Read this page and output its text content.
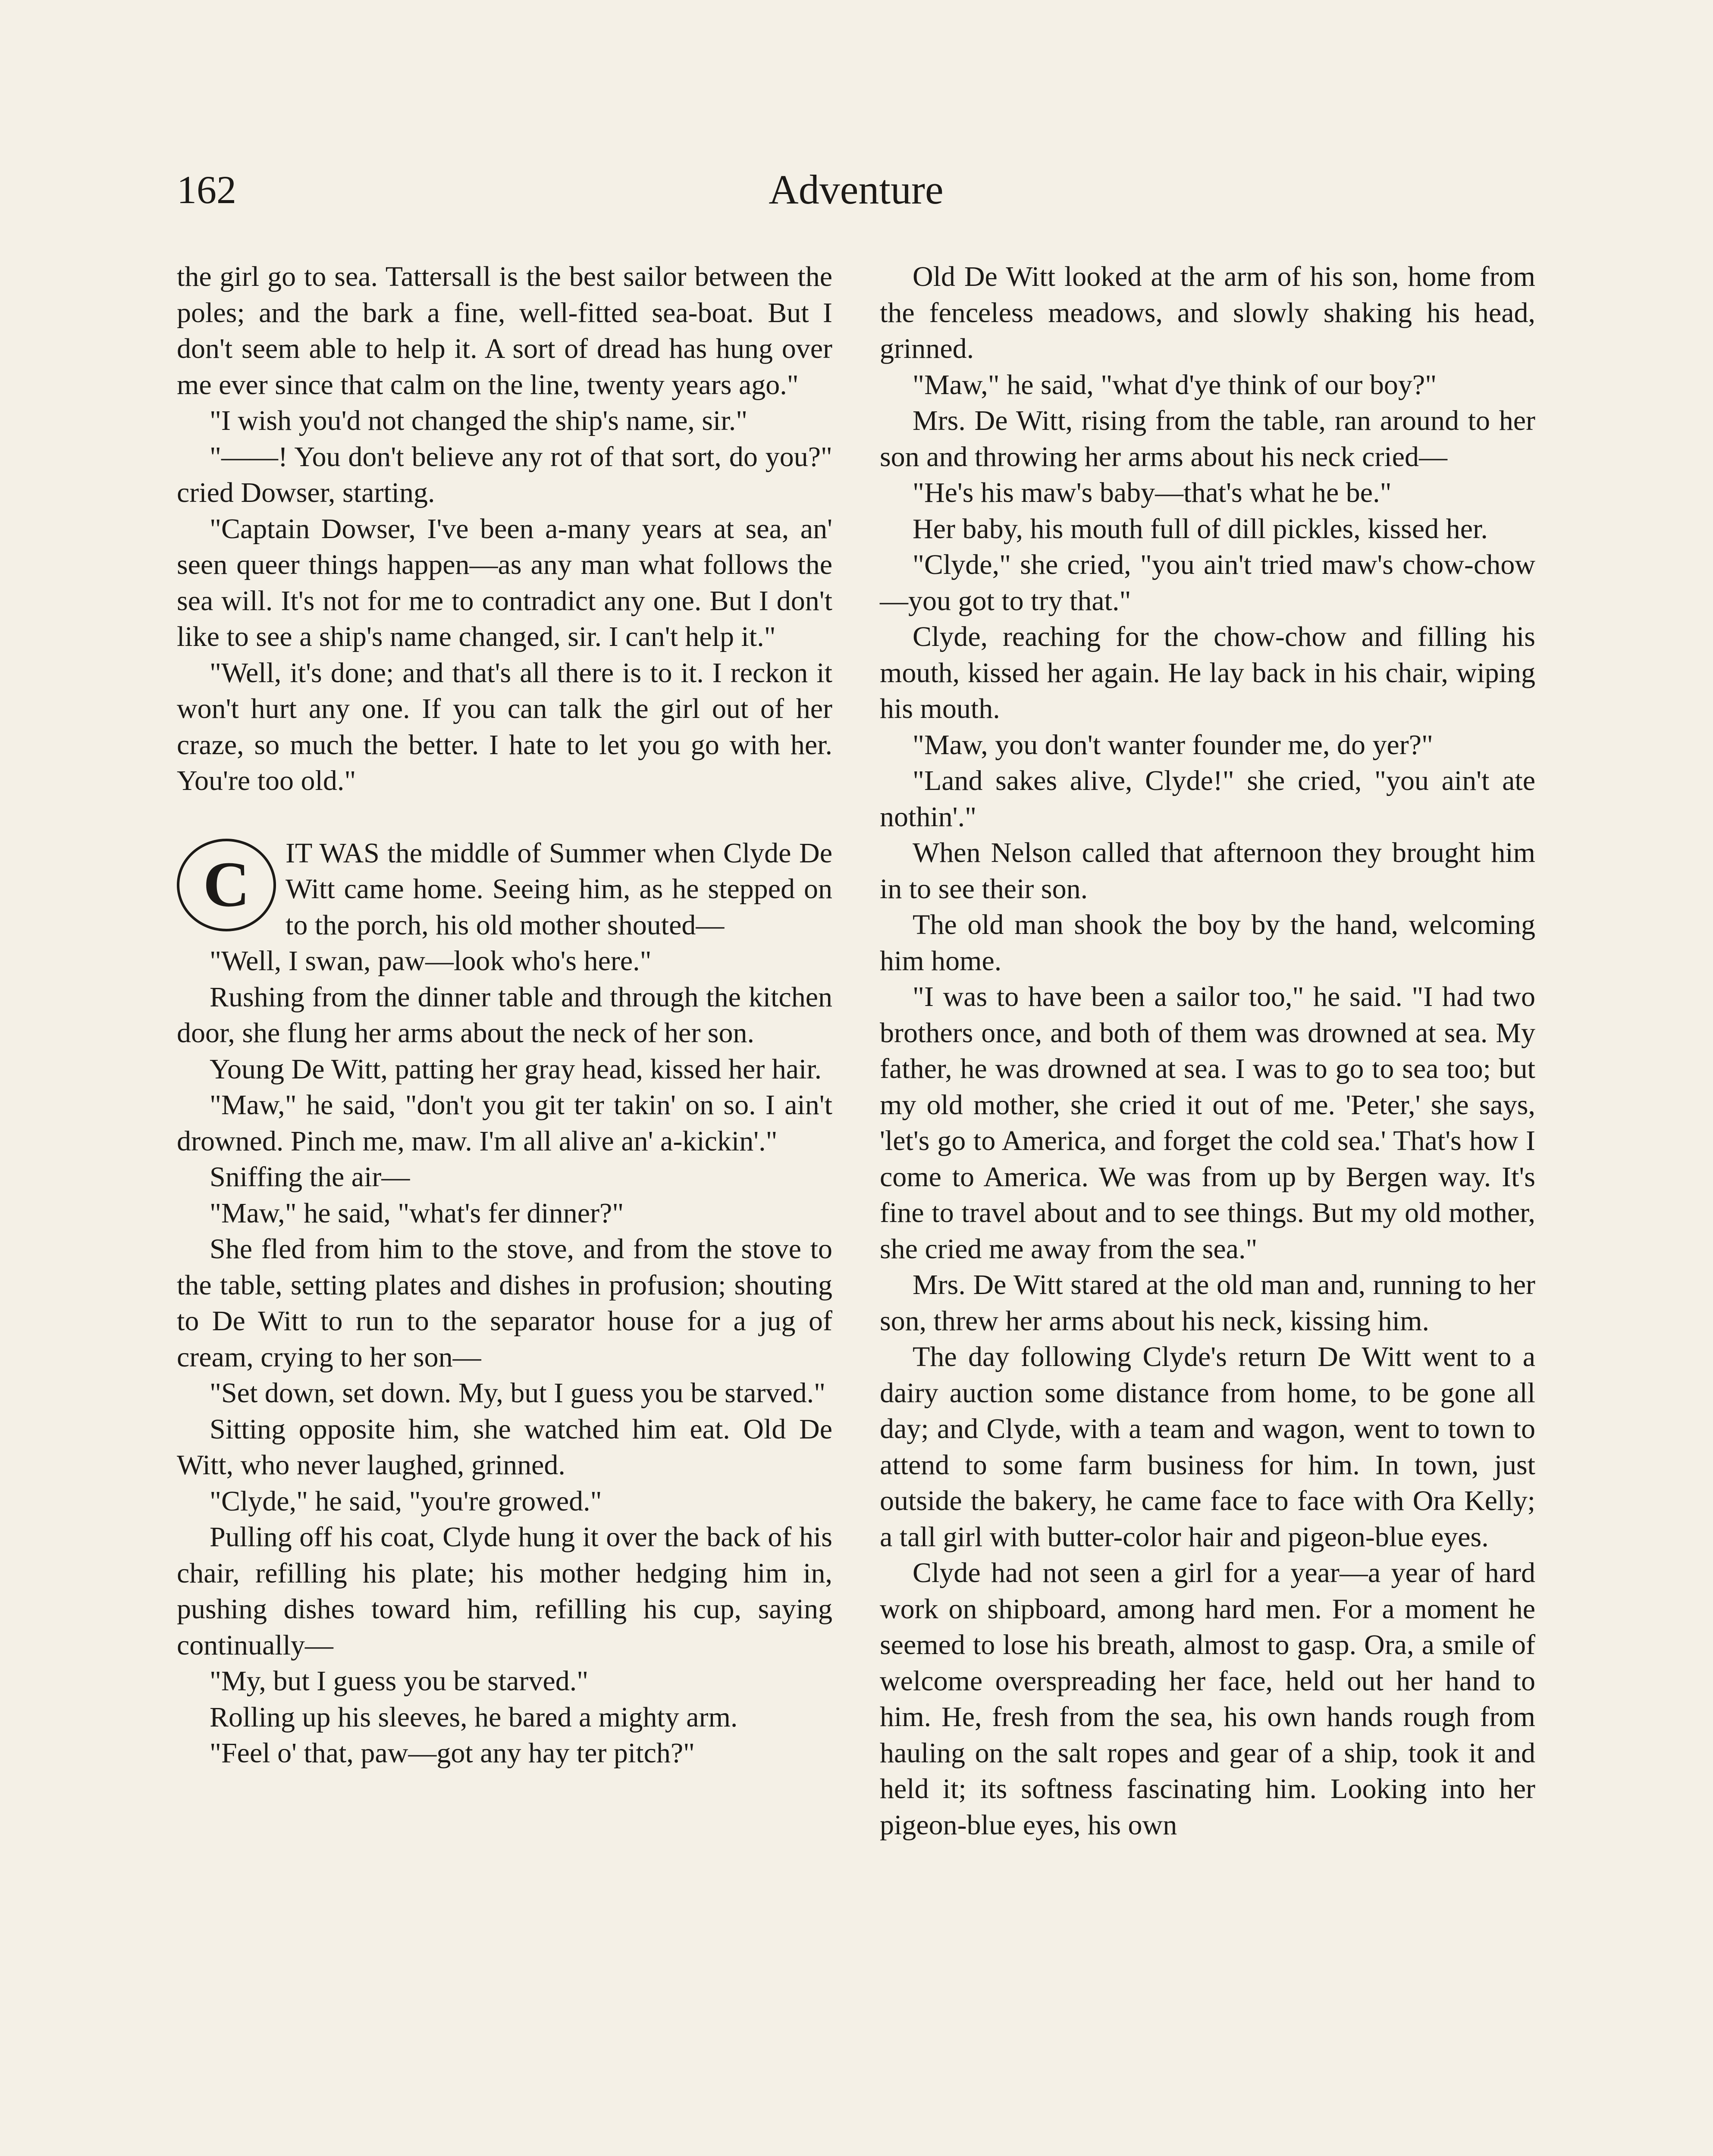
162	Adventure

the girl go to sea. Tattersall is the best sailor between the poles; and the bark a fine, well-fitted sea-boat. But I don't seem able to help it. A sort of dread has hung over me ever since that calm on the line, twenty years ago."

"I wish you'd not changed the ship's name, sir."

"——! You don't believe any rot of that sort, do you?" cried Dowser, starting.

"Captain Dowser, I've been a-many years at sea, an' seen queer things happen—as any man what follows the sea will. It's not for me to contradict any one. But I don't like to see a ship's name changed, sir. I can't help it."

"Well, it's done; and that's all there is to it. I reckon it won't hurt any one. If you can talk the girl out of her craze, so much the better. I hate to let you go with her. You're too old."

C	IT WAS the middle of Summer when Clyde De Witt came home. Seeing him, as he stepped on to the porch, his old mother shouted—

"Well, I swan, paw—look who's here."

Rushing from the dinner table and through the kitchen door, she flung her arms about the neck of her son.

Young De Witt, patting her gray head, kissed her hair.

"Maw," he said, "don't you git ter takin' on so. I ain't drowned. Pinch me, maw. I'm all alive an' a-kickin'."

Sniffing the air—

"Maw," he said, "what's fer dinner?"

She fled from him to the stove, and from the stove to the table, setting plates and dishes in profusion; shouting to De Witt to run to the separator house for a jug of cream, crying to her son—

"Set down, set down. My, but I guess you be starved."

Sitting opposite him, she watched him eat. Old De Witt, who never laughed, grinned.

"Clyde," he said, "you're growed."

Pulling off his coat, Clyde hung it over the back of his chair, refilling his plate; his mother hedging him in, pushing dishes toward him, refilling his cup, saying continually—

"My, but I guess you be starved."

Rolling up his sleeves, he bared a mighty arm.

"Feel o' that, paw—got any hay ter pitch?"

Old De Witt looked at the arm of his son, home from the fenceless meadows, and slowly shaking his head, grinned.

"Maw," he said, "what d'ye think of our boy?"

Mrs. De Witt, rising from the table, ran around to her son and throwing her arms about his neck cried—

"He's his maw's baby—that's what he be."

Her baby, his mouth full of dill pickles, kissed her.

"Clyde," she cried, "you ain't tried maw's chow-chow—you got to try that."

Clyde, reaching for the chow-chow and filling his mouth, kissed her again. He lay back in his chair, wiping his mouth.

"Maw, you don't wanter founder me, do yer?"

"Land sakes alive, Clyde!" she cried, "you ain't ate nothin'."

When Nelson called that afternoon they brought him in to see their son.

The old man shook the boy by the hand, welcoming him home.

"I was to have been a sailor too," he said. "I had two brothers once, and both of them was drowned at sea. My father, he was drowned at sea. I was to go to sea too; but my old mother, she cried it out of me. 'Peter,' she says, 'let's go to America, and forget the cold sea.' That's how I come to America. We was from up by Bergen way. It's fine to travel about and to see things. But my old mother, she cried me away from the sea."

Mrs. De Witt stared at the old man and, running to her son, threw her arms about his neck, kissing him.

The day following Clyde's return De Witt went to a dairy auction some distance from home, to be gone all day; and Clyde, with a team and wagon, went to town to attend to some farm business for him. In town, just outside the bakery, he came face to face with Ora Kelly; a tall girl with butter-color hair and pigeon-blue eyes.

Clyde had not seen a girl for a year—a year of hard work on shipboard, among hard men. For a moment he seemed to lose his breath, almost to gasp. Ora, a smile of welcome overspreading her face, held out her hand to him. He, fresh from the sea, his own hands rough from hauling on the salt ropes and gear of a ship, took it and held it; its softness fascinating him. Looking into her pigeon-blue eyes, his own
